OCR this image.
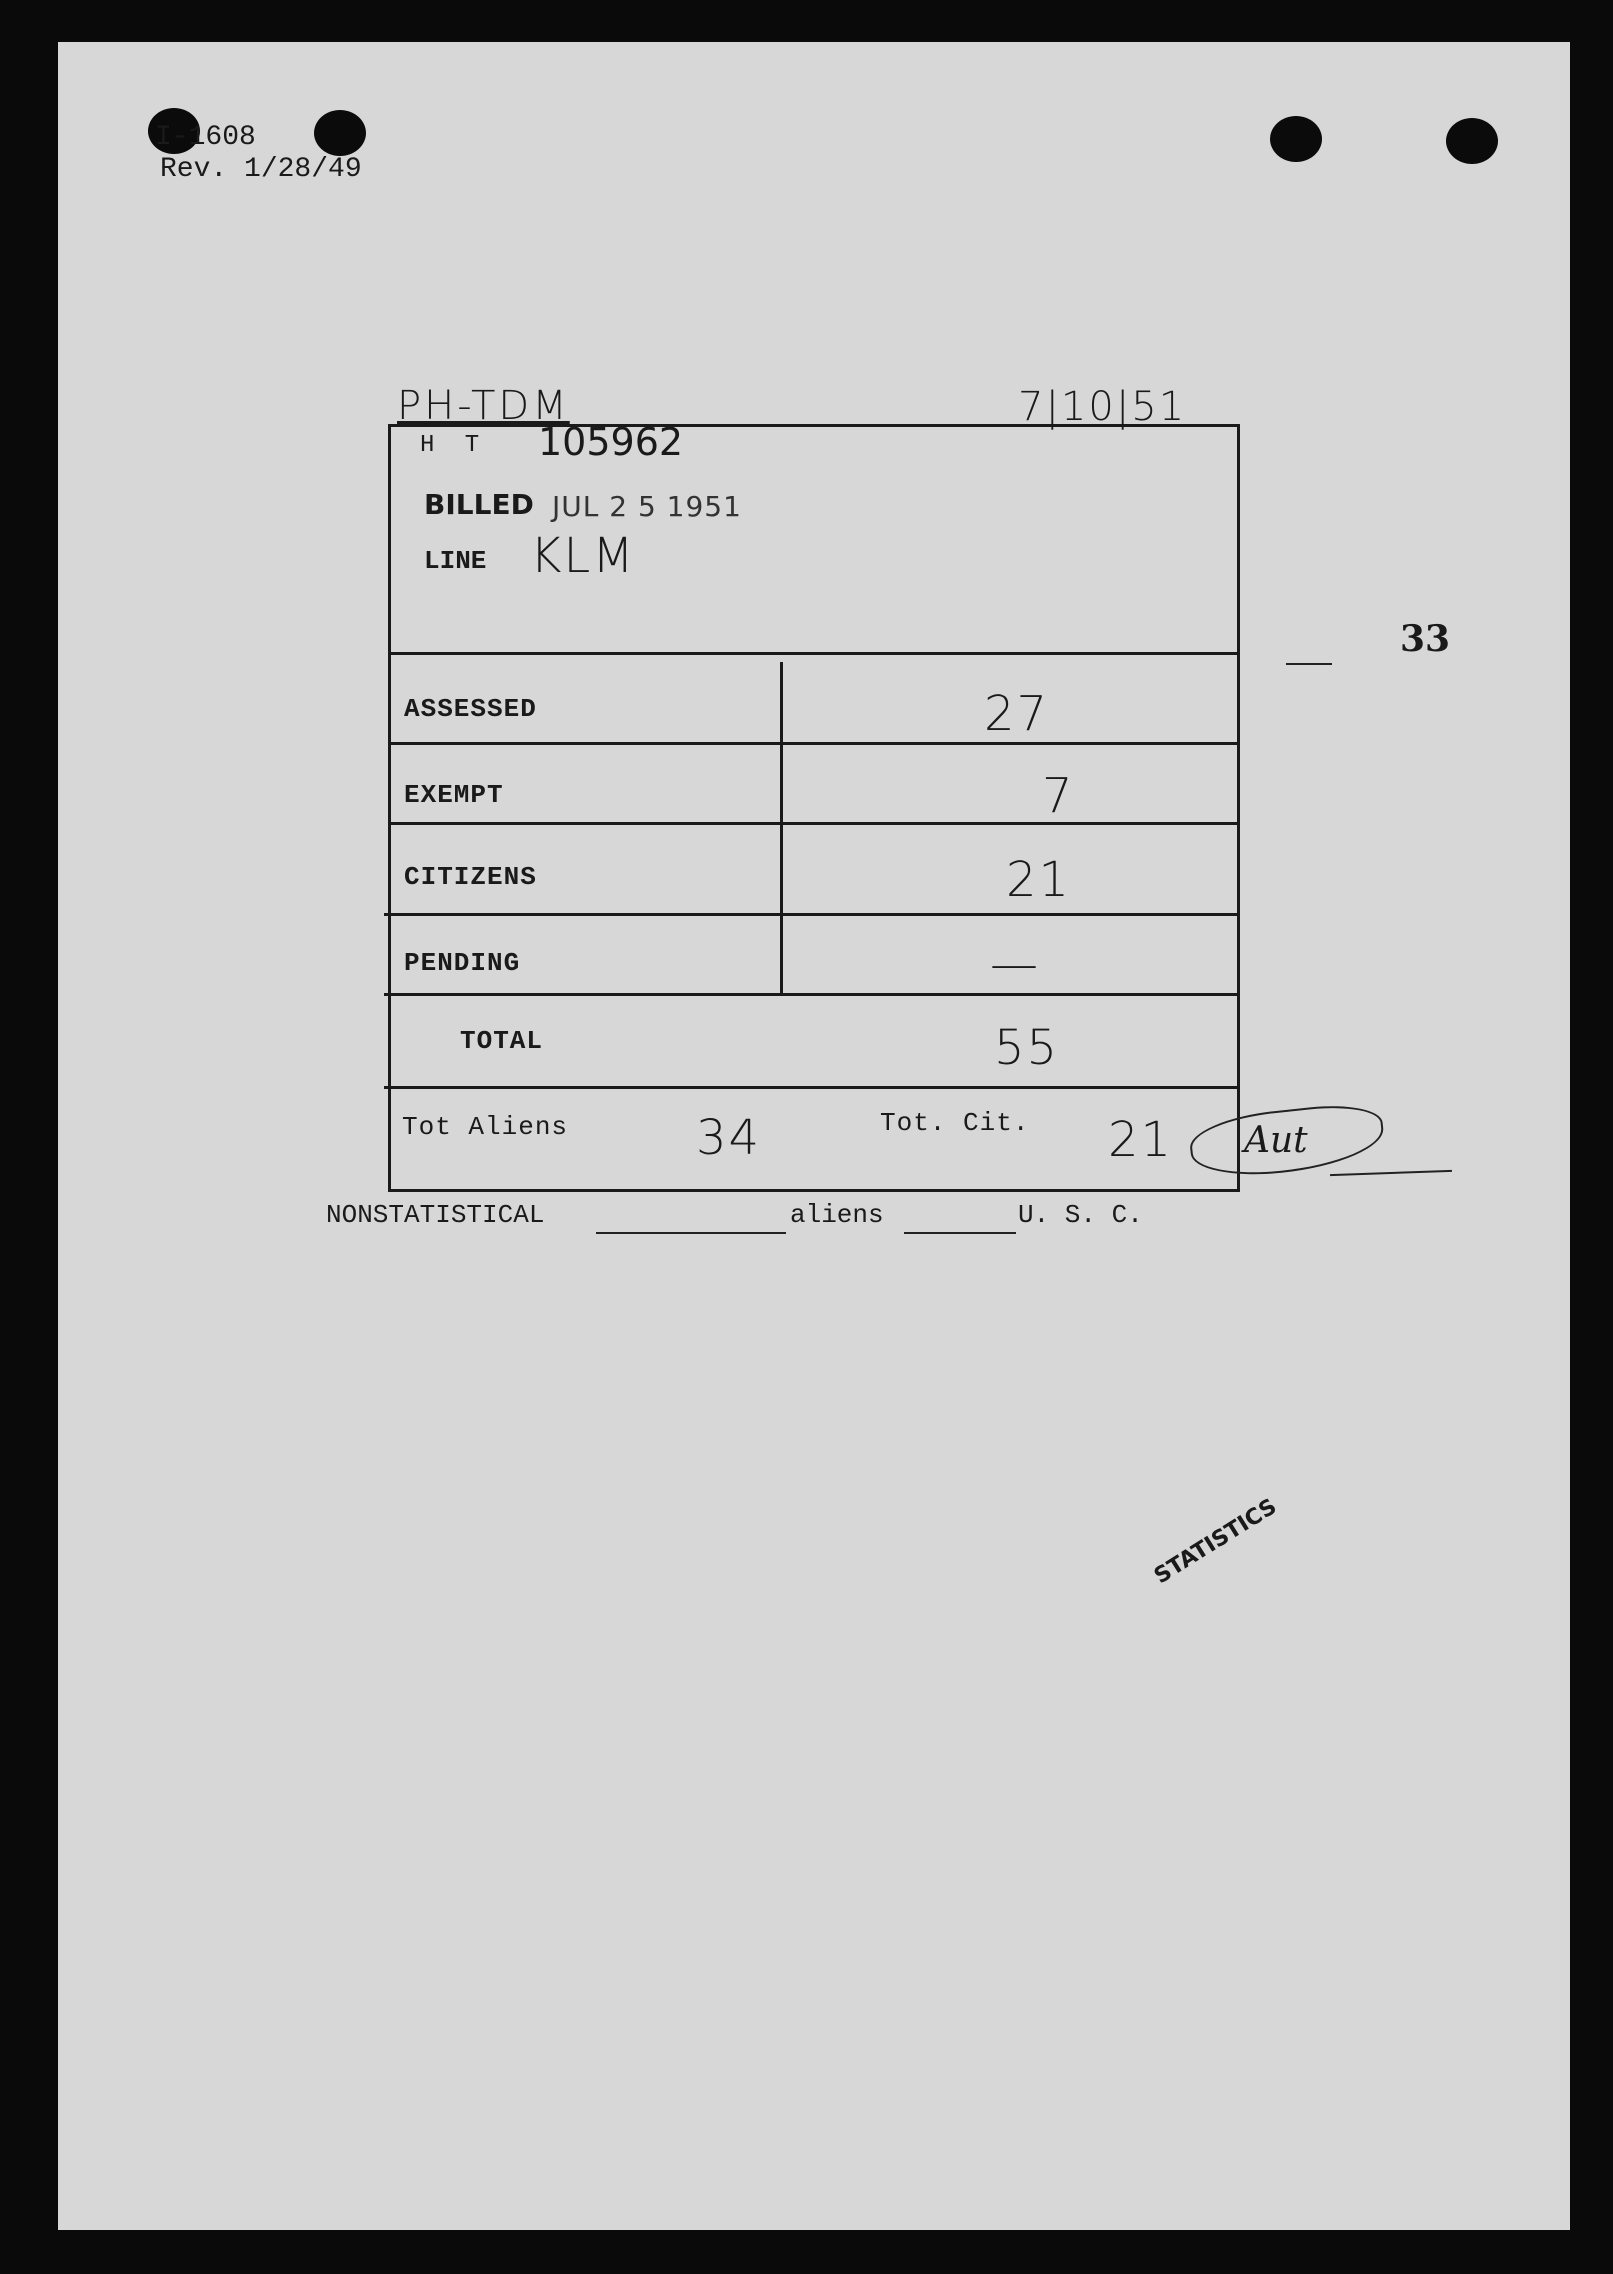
I-1608
Rev. 1/28/49
PH-TDM	7|10|51
33
H T 105962
BILLED JUL 2 5 1951
LINE KLM
ASSESSED	27
EXEMPT	7
CITIZENS	21
PENDING	—
TOTAL	55
Tot Aliens	34	Tot. Cit. 21 Aut
NONSTATISTICAL	aliens	U. S. C.
STATISTICS
